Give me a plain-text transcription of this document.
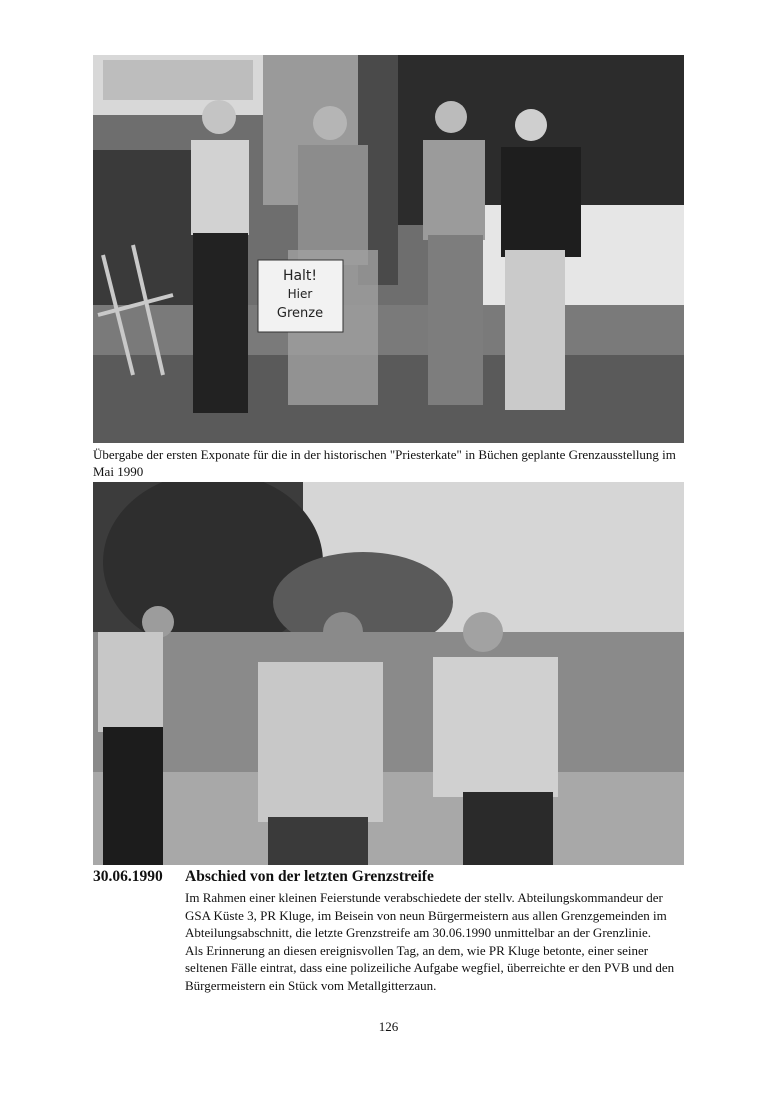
Halt!
Hier
Grenze
Übergabe der ersten Exponate für die in der historischen "Priesterkate" in Büchen geplante Grenzausstellung im Mai 1990
30.06.1990 Abschied von der letzten Grenzstreife

Im Rahmen einer kleinen Feierstunde verabschiedete der stellv. Abteilungskommandeur der GSA Küste 3, PR Kluge, im Beisein von neun Bürgermeistern aus allen Grenzgemeinden im Abteilungsabschnitt, die letzte Grenzstreife am 30.06.1990 unmittelbar an der Grenzlinie.

Als Erinnerung an diesen ereignisvollen Tag, an dem, wie PR Kluge betonte, einer seiner seltenen Fälle eintrat, dass eine polizeiliche Aufgabe wegfiel, überreichte er den PVB und den Bürgermeistern ein Stück vom Metallgitterzaun.

126
